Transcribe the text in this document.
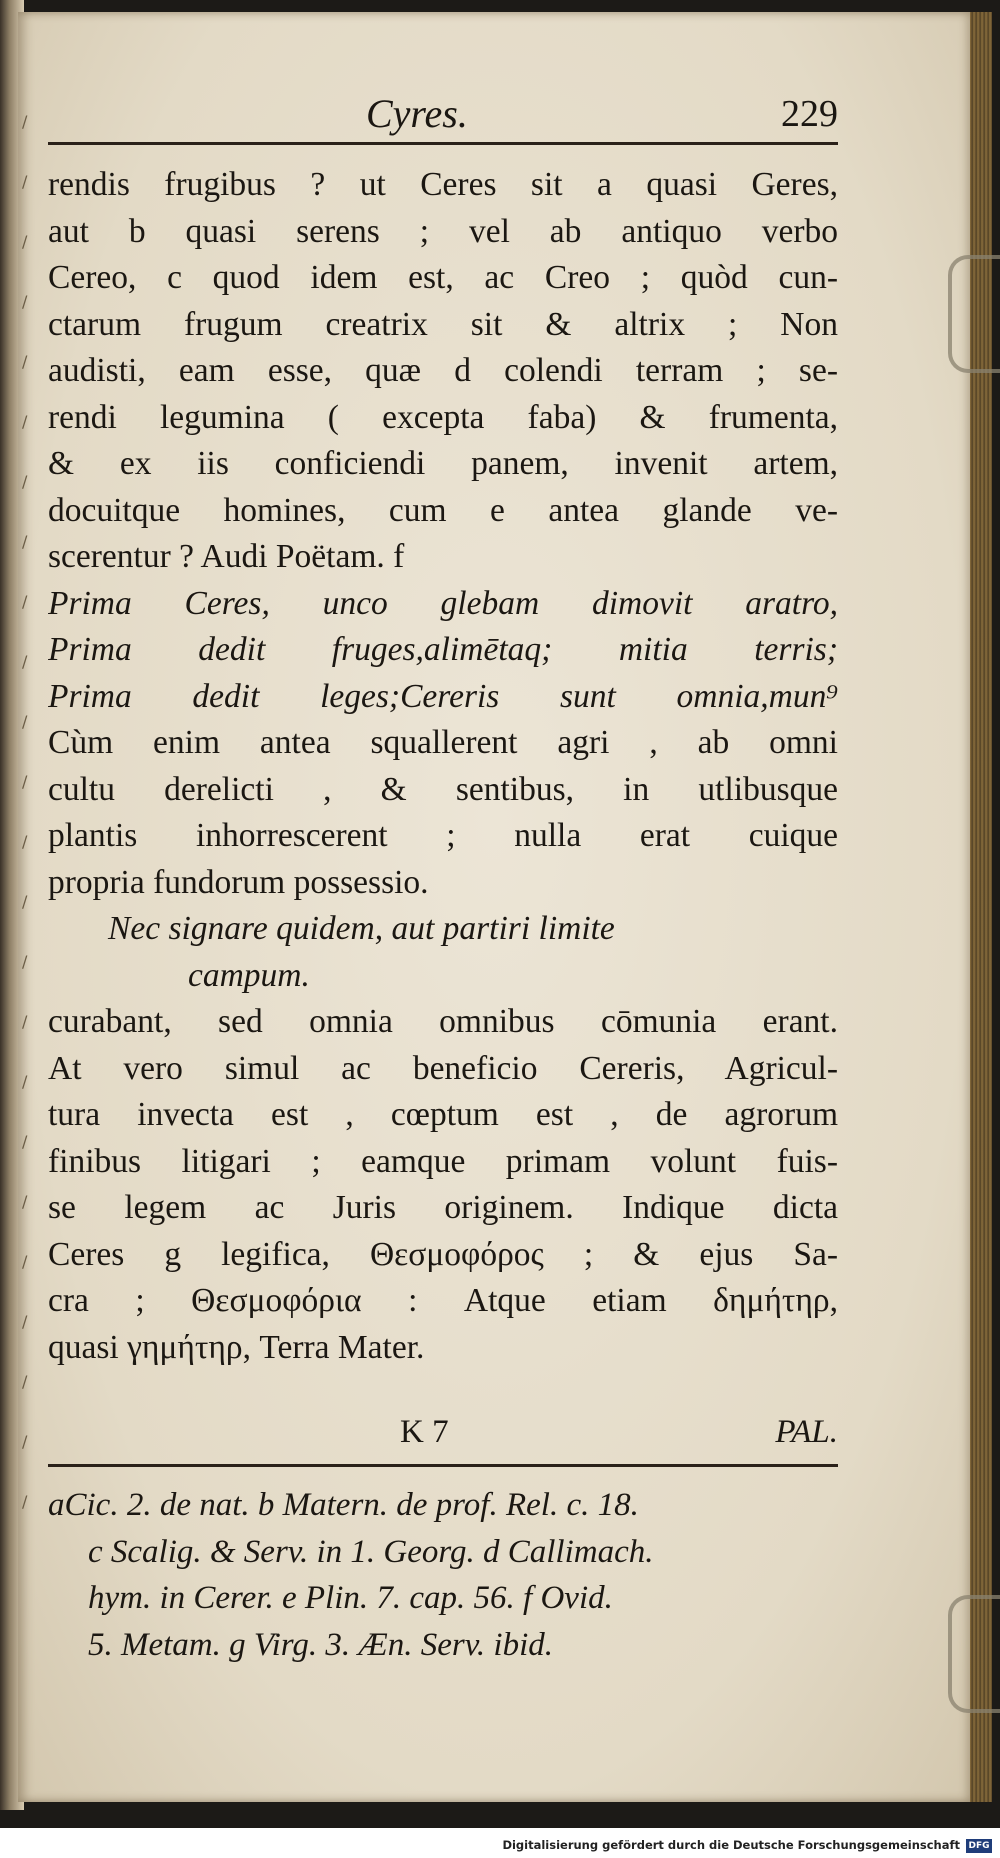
/
/
/
/
/
/
/
/
/
/
/
/
/
/
/
/
/
/
/
/
/
/
/
/
Cyres.	229
rendis frugibus ? ut Ceres sit a quasi Geres,
aut b quasi serens ; vel ab antiquo verbo
Cereo, c quod idem est, ac Creo ; quòd cun-
ctarum frugum creatrix sit & altrix ; Non
audisti, eam esse, quæ d colendi terram ; se-
rendi legumina ( excepta faba) & frumenta,
& ex iis conficiendi panem, invenit artem,
docuitque homines, cum e antea glande ve-
scerentur ? Audi Poëtam. f
Prima Ceres, unco glebam dimovit aratro,
Prima dedit fruges,alimētaq; mitia terris;
Prima dedit leges;Cereris sunt omnia,mun⁹
Cùm enim antea squallerent agri , ab omni
cultu derelicti , & sentibus, in utlibusque
plantis inhorrescerent ; nulla erat cuique
propria fundorum possessio.
Nec signare quidem, aut partiri limite
campum.
curabant, sed omnia omnibus cōmunia erant.
At vero simul ac beneficio Cereris, Agricul-
tura invecta est , cœptum est , de agrorum
finibus litigari ; eamque primam volunt fuis-
se legem ac Juris originem. Indique dicta
Ceres g legifica, Θεσμοφόρος ; & ejus Sa-
cra ; Θεσμοφόρια : Atque etiam δημήτηρ,
quasi γημήτηρ, Terra Mater.
K 7	PAL.
aCic. 2. de nat. b Matern. de prof. Rel. c. 18.
c Scalig. & Serv. in 1. Georg. d Callimach.
hym. in Cerer. e Plin. 7. cap. 56. f Ovid.
5. Metam. g Virg. 3. Æn. Serv. ibid.
Digitalisierung gefördert durch die Deutsche Forschungsgemeinschaft DFG
